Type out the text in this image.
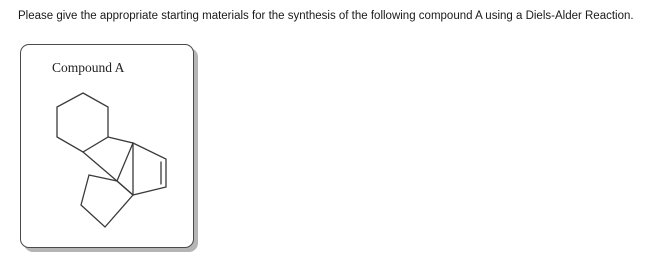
Please give the appropriate starting materials for the synthesis of the following compound A using a Diels-Alder Reaction.
Compound A
